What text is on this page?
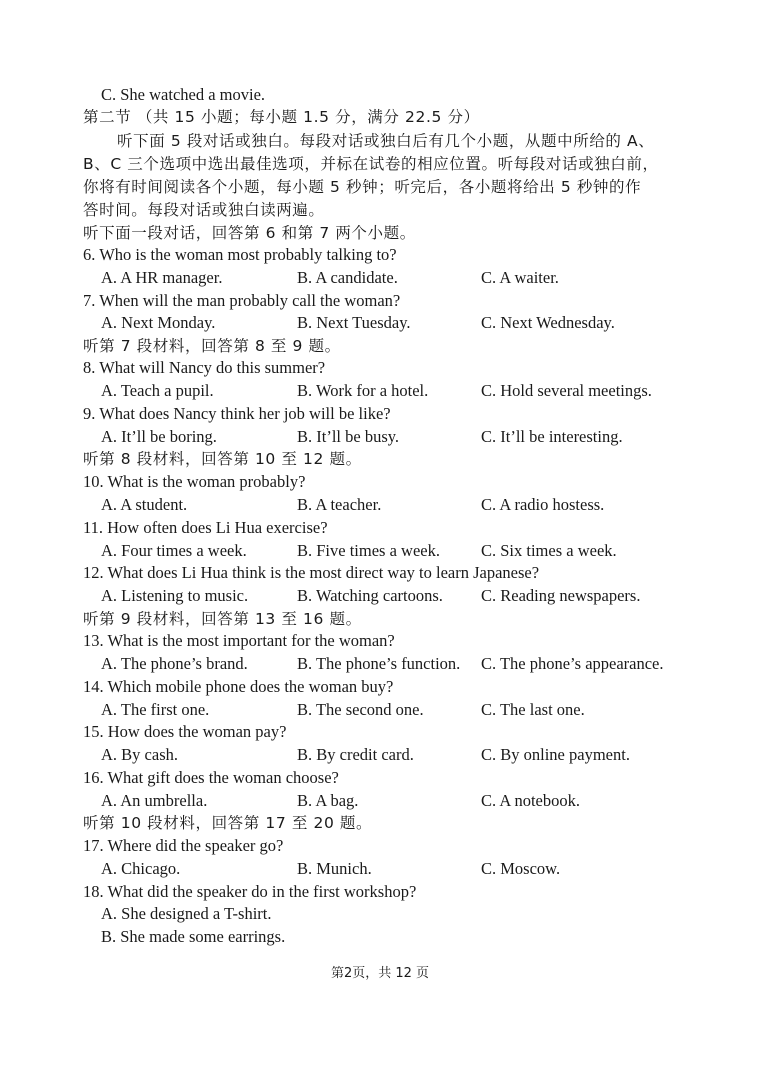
C. She watched a movie.
第二节 （共 15 小题；每小题 1.5 分，满分 22.5 分）
听下面 5 段对话或独白。每段对话或独白后有几个小题，从题中所给的 A、
B、C 三个选项中选出最佳选项，并标在试卷的相应位置。听每段对话或独白前，
你将有时间阅读各个小题，每小题 5 秒钟；听完后，各小题将给出 5 秒钟的作
答时间。每段对话或独白读两遍。
听下面一段对话，回答第 6 和第 7 两个小题。
6. Who is the woman most probably talking to?
A. A HR manager.	B. A candidate.	C. A waiter.
7. When will the man probably call the woman?
A. Next Monday.	B. Next Tuesday.	C. Next Wednesday.
听第 7 段材料，回答第 8 至 9 题。
8. What will Nancy do this summer?
A. Teach a pupil.	B. Work for a hotel.	C. Hold several meetings.
9. What does Nancy think her job will be like?
A. It’ll be boring.	B. It’ll be busy.	C. It’ll be interesting.
听第 8 段材料，回答第 10 至 12 题。
10. What is the woman probably?
A. A student.	B. A teacher.	C. A radio hostess.
11. How often does Li Hua exercise?
A. Four times a week.	B. Five times a week. C. Six times a week.
12. What does Li Hua think is the most direct way to learn Japanese?
A. Listening to music.	B. Watching cartoons. C. Reading newspapers.
听第 9 段材料，回答第 13 至 16 题。
13. What is the most important for the woman?
A. The phone’s brand.	B. The phone’s function. C. The phone’s appearance.
14. Which mobile phone does the woman buy?
A. The first one.	B. The second one.	C. The last one.
15. How does the woman pay?
A. By cash.	B. By credit card.	C. By online payment.
16. What gift does the woman choose?
A. An umbrella.	B. A bag.	C. A notebook.
听第 10 段材料，回答第 17 至 20 题。
17. Where did the speaker go?
A. Chicago.	B. Munich.	C. Moscow.
18. What did the speaker do in the first workshop?
A. She designed a T-shirt.
B. She made some earrings.
第2页，共 12 页
